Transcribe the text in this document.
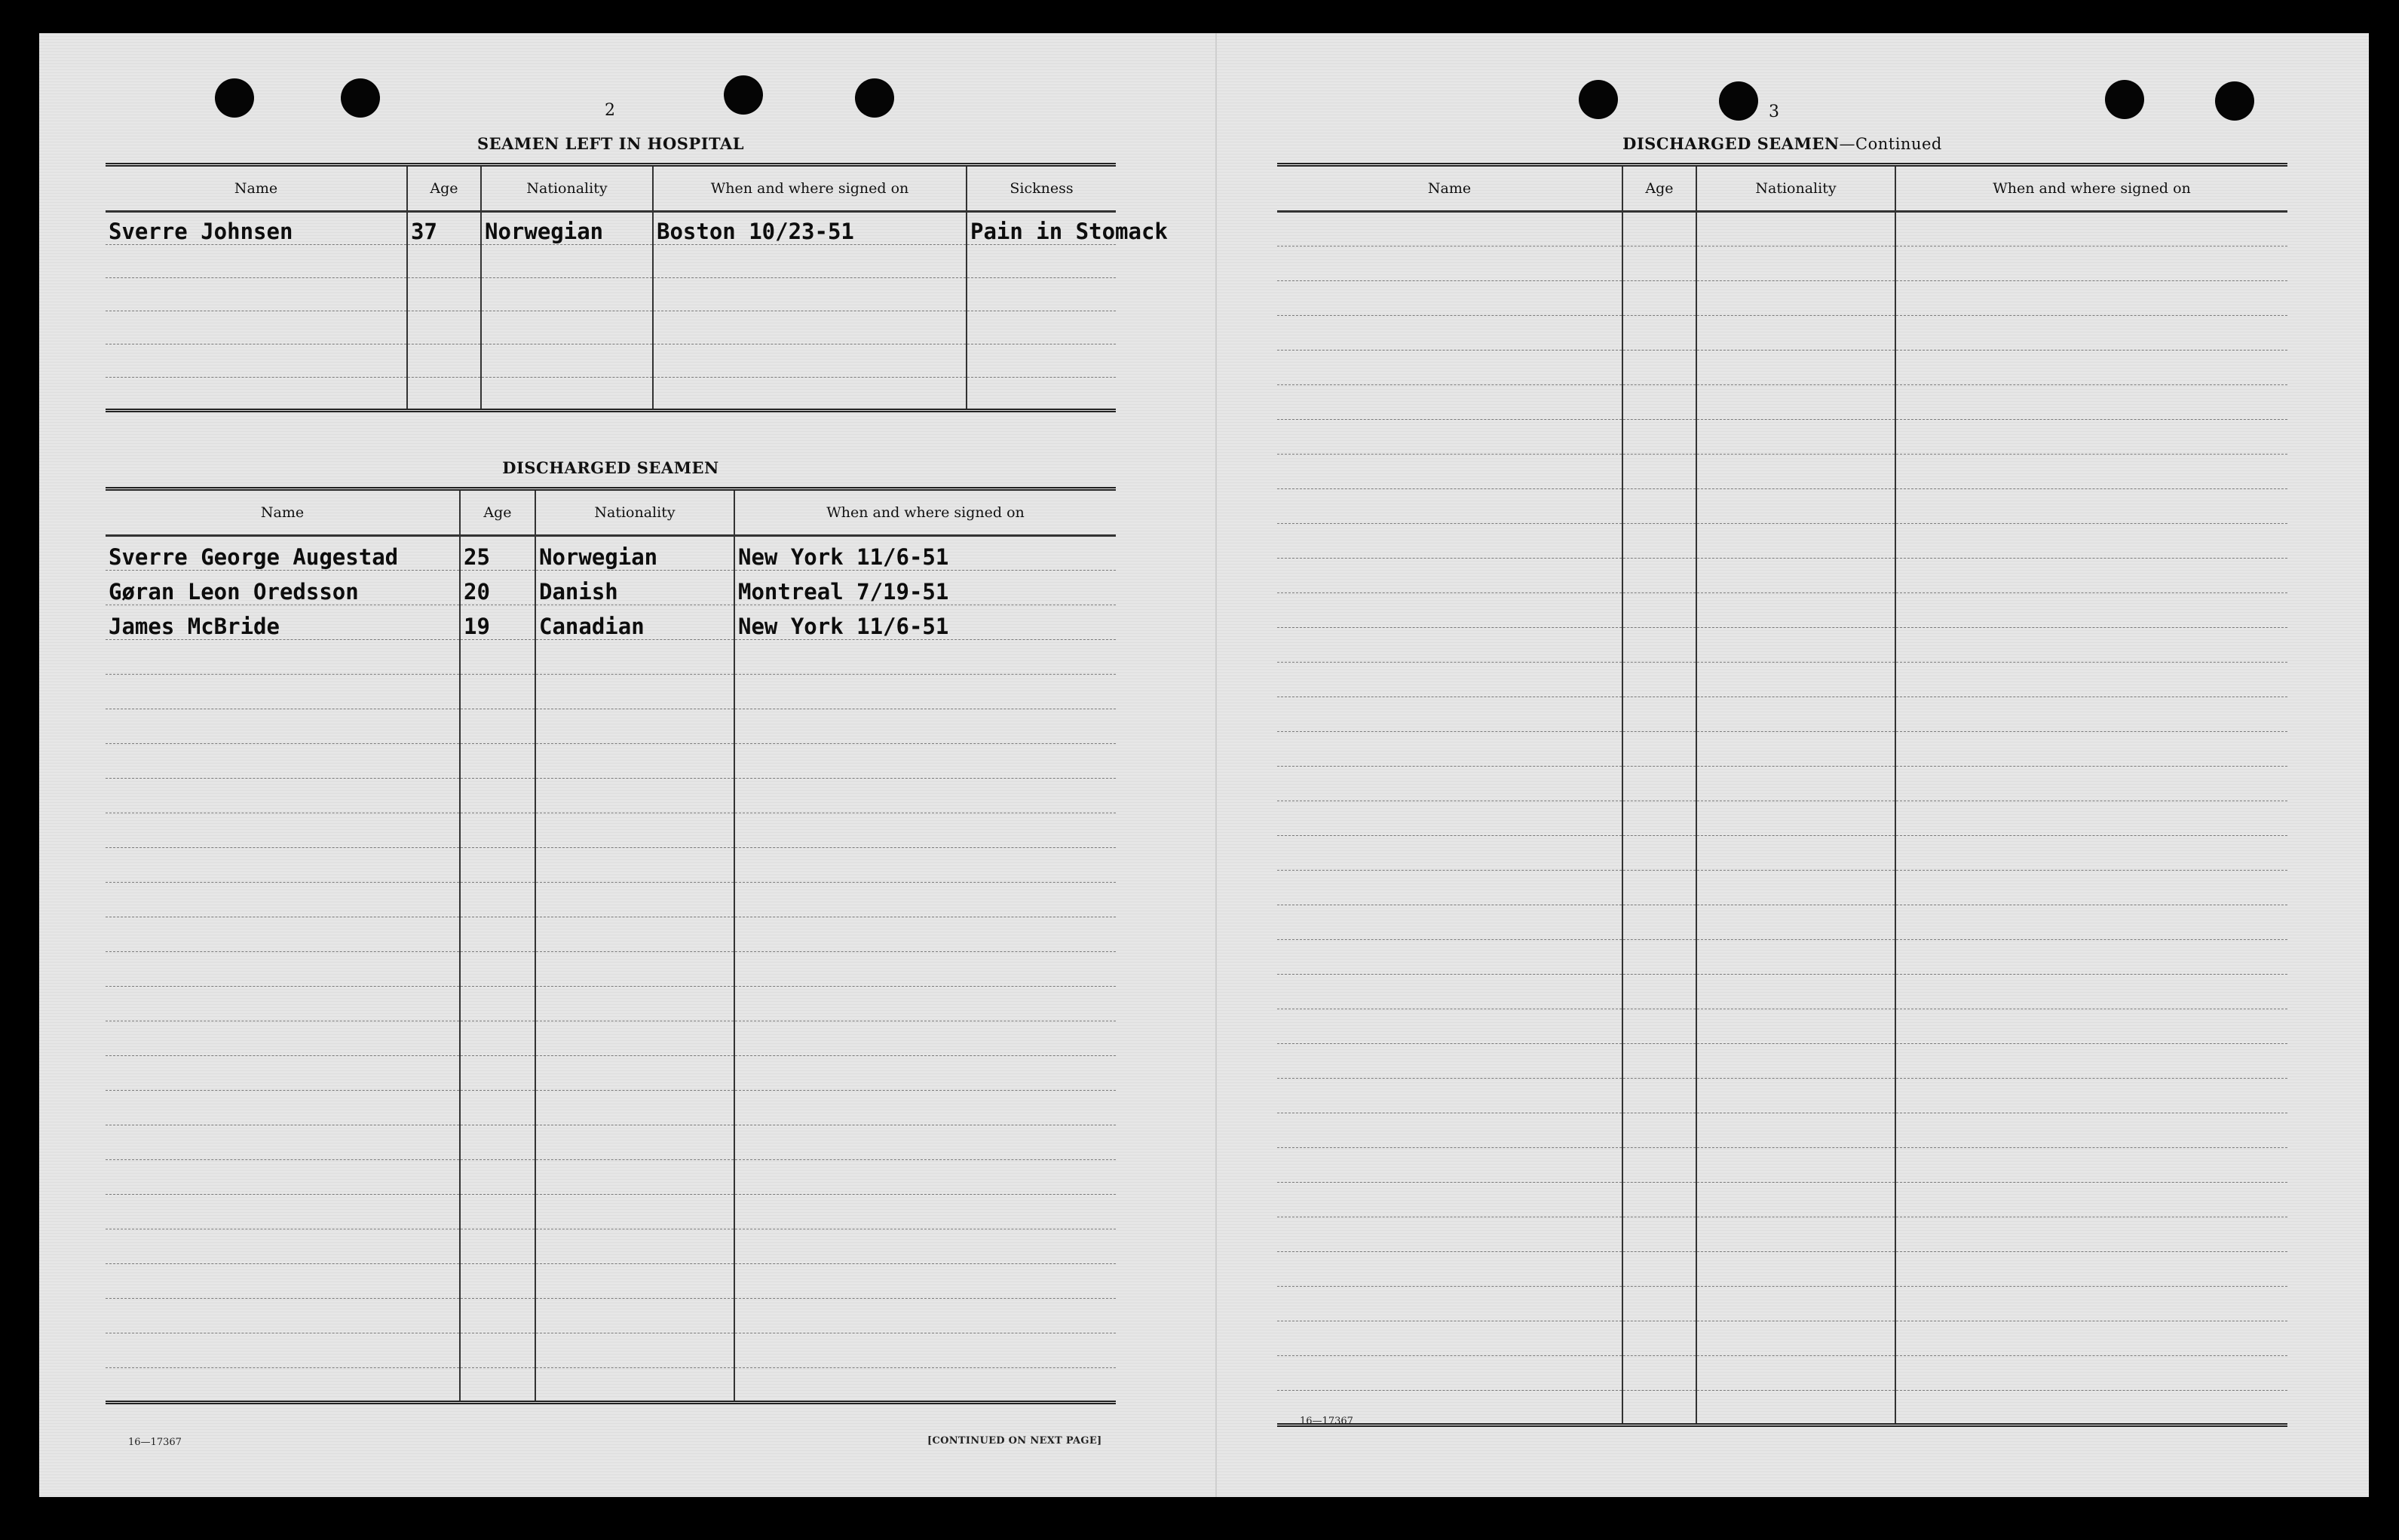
2
SEAMEN LEFT IN HOSPITAL
Name	Age	Nationality	When and where signed on	Sickness
Sverre Johnsen	37	Norwegian	Boston 10/23-51	Pain in Stomack

DISCHARGED SEAMEN
Name	Age	Nationality	When and where signed on
Sverre George Augestad	25	Norwegian	New York 11/6-51
Gøran Leon Oredsson	20	Danish	Montreal 7/19-51
James McBride	19	Canadian	New York 11/6-51

16—17367	[CONTINUED ON NEXT PAGE]
3
DISCHARGED SEAMEN—Continued
Name	Age	Nationality	When and where signed on

16—17367
